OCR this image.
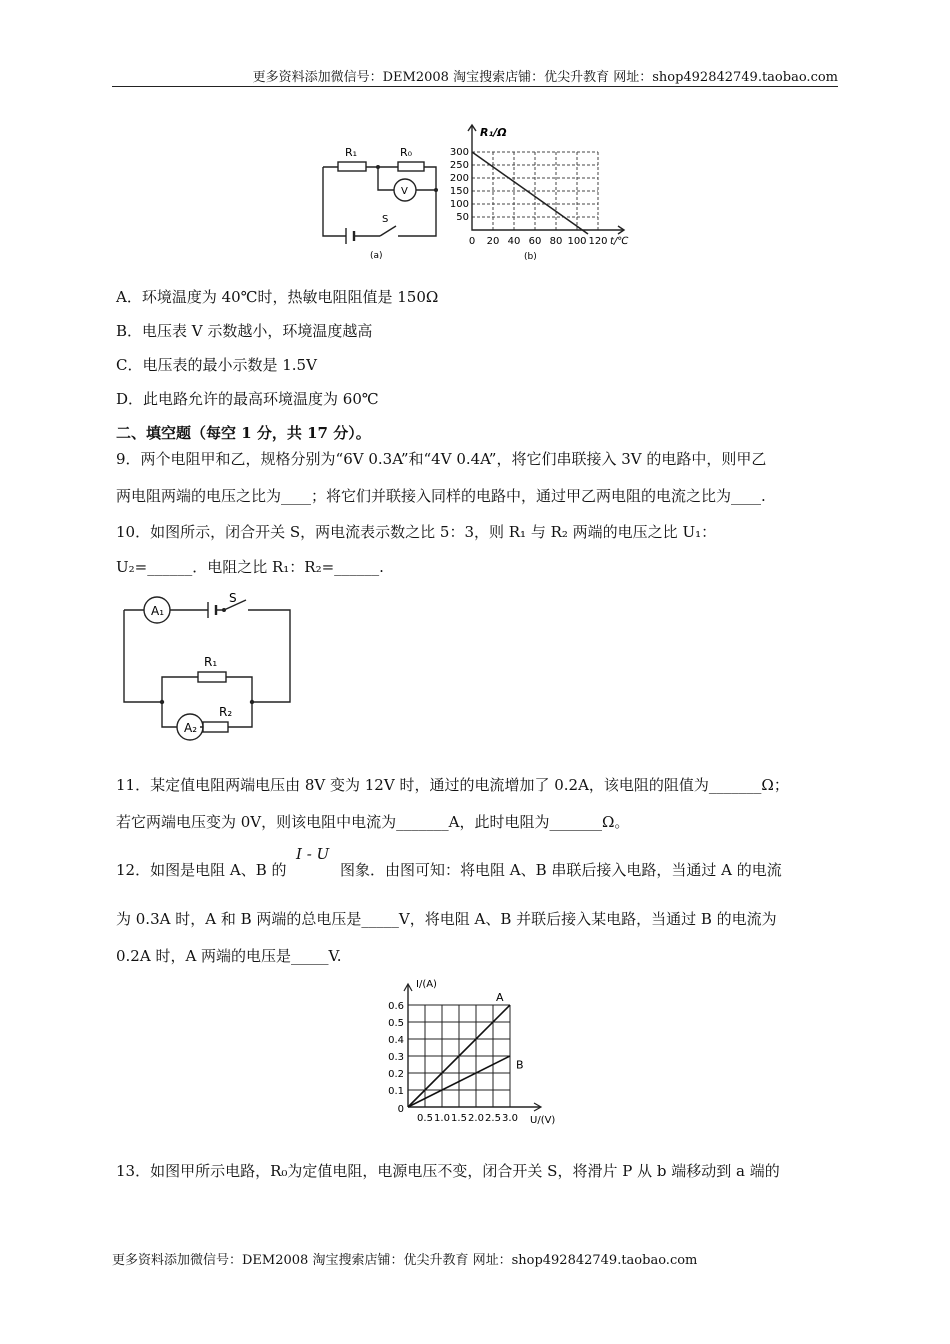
更多资料添加微信号：DEM2008 淘宝搜索店铺：优尖升教育 网址：shop492842749.taobao.com
R₁	R₀
V
S
(a)
R₁/Ω
300
250
200
150
100
50
0 20 40 60 80 100 120 t/℃
(b)
A．环境温度为 40℃时，热敏电阻阻值是 150Ω
B．电压表 V 示数越小，环境温度越高
C．电压表的最小示数是 1.5V
D．此电路允许的最高环境温度为 60℃
二、填空题（每空 1 分，共 17 分）。
9．两个电阻甲和乙，规格分别为“6V 0.3A”和“4V 0.4A”，将它们串联接入 3V 的电路中，则甲乙
两电阻两端的电压之比为____；将它们并联接入同样的电路中，通过甲乙两电阻的电流之比为____.
10．如图所示，闭合开关 S，两电流表示数之比 5：3，则 R₁ 与 R₂ 两端的电压之比 U₁：
U₂=______．电阻之比 R₁：R₂=______.
A₁
A₂
S
R₁
R₂
11．某定值电阻两端电压由 8V 变为 12V 时，通过的电流增加了 0.2A，该电阻的阻值为_______Ω；
若它两端电压变为 0V，则该电阻中电流为_______A，此时电阻为_______Ω。
12．如图是电阻 A、B 的
I - U
图象．由图可知：将电阻 A、B 串联后接入电路，当通过 A 的电流
为 0.3A 时，A 和 B 两端的总电压是_____V，将电阻 A、B 并联后接入某电路，当通过 B 的电流为
0.2A 时，A 两端的电压是_____V.
0.1
0.2
0.3
0.4
0.5
0.6
0.5 1.0 1.5 2.0 2.5 3.0
0
I/(A)
U/(V)
A
B
13．如图甲所示电路，R₀为定值电阻，电源电压不变，闭合开关 S，将滑片 P 从 b 端移动到 a 端的
更多资料添加微信号：DEM2008 淘宝搜索店铺：优尖升教育 网址：shop492842749.taobao.com
